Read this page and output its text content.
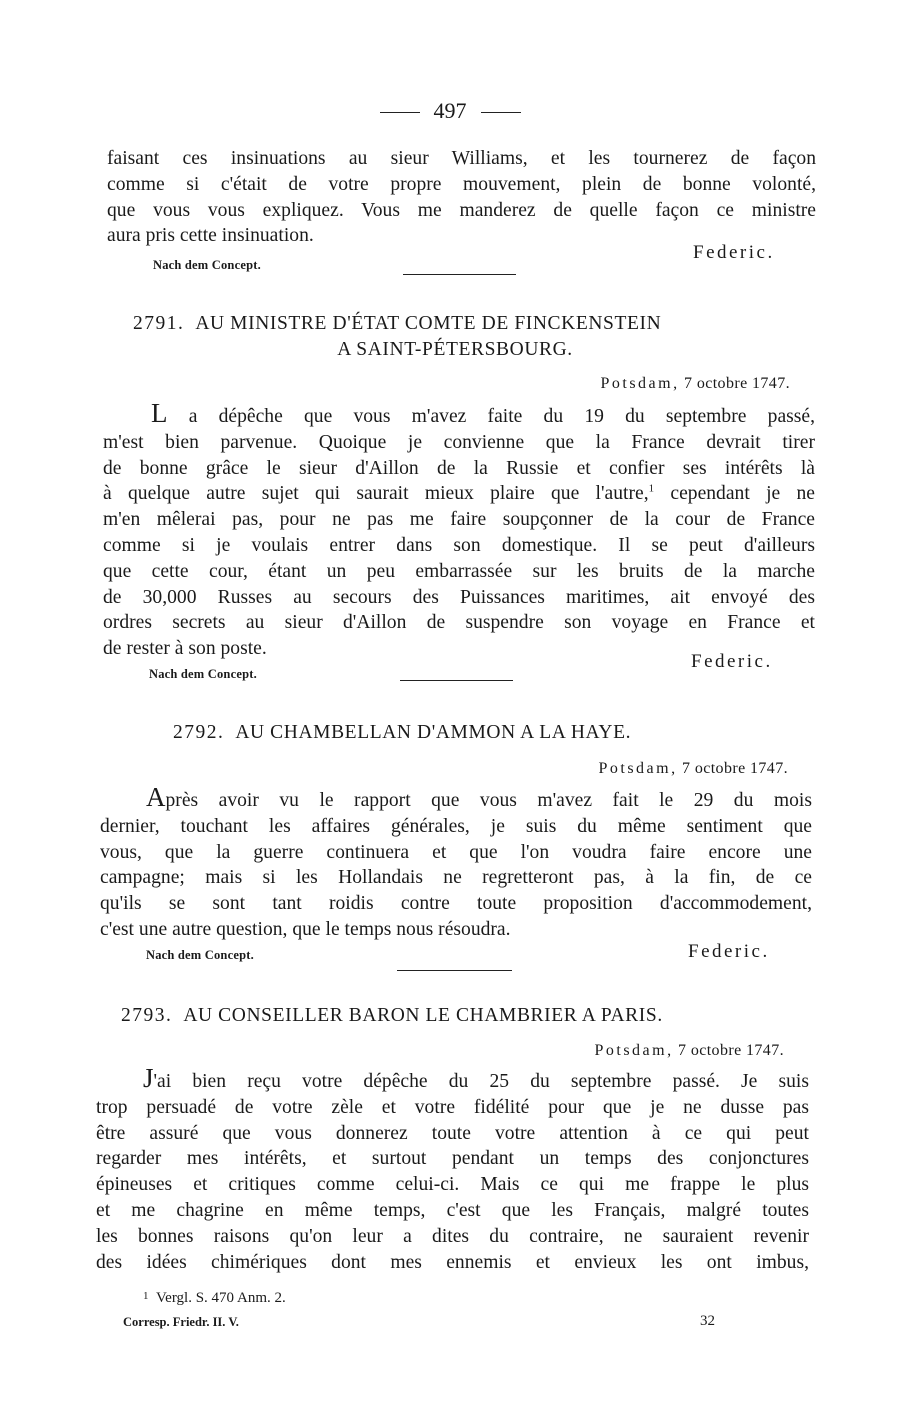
497
faisant ces insinuations au sieur Williams, et les tournerez de façon
comme si c'était de votre propre mouvement, plein de bonne volonté,
que vous vous expliquez. Vous me manderez de quelle façon ce ministre
aura pris cette insinuation.
Federic.
Nach dem Concept.
2791. AU MINISTRE D'ÉTAT COMTE DE FINCKENSTEIN
A SAINT-PÉTERSBOURG.
Potsdam, 7 octobre 1747.
L a dépêche que vous m'avez faite du 19 du septembre passé,
m'est bien parvenue. Quoique je convienne que la France devrait tirer
de bonne grâce le sieur d'Aillon de la Russie et confier ses intérêts là
à quelque autre sujet qui saurait mieux plaire que l'autre,$^1$ cependant je ne
m'en mêlerai pas, pour ne pas me faire soupçonner de la cour de France
comme si je voulais entrer dans son domestique. Il se peut d'ailleurs
que cette cour, étant un peu embarrassée sur les bruits de la marche
de 30,000 Russes au secours des Puissances maritimes, ait envoyé des
ordres secrets au sieur d'Aillon de suspendre son voyage en France et
de rester à son poste.
Federic.
Nach dem Concept.
2792. AU CHAMBELLAN D'AMMON A LA HAYE.
Potsdam, 7 octobre 1747.
Après avoir vu le rapport que vous m'avez fait le 29 du mois
dernier, touchant les affaires générales, je suis du même sentiment que
vous, que la guerre continuera et que l'on voudra faire encore une
campagne; mais si les Hollandais ne regretteront pas, à la fin, de ce
qu'ils se sont tant roidis contre toute proposition d'accommodement,
c'est une autre question, que le temps nous résoudra.
Federic.
Nach dem Concept.
2793. AU CONSEILLER BARON LE CHAMBRIER A PARIS.
Potsdam, 7 octobre 1747.
J'ai bien reçu votre dépêche du 25 du septembre passé. Je suis
trop persuadé de votre zèle et votre fidélité pour que je ne dusse pas
être assuré que vous donnerez toute votre attention à ce qui peut
regarder mes intérêts, et surtout pendant un temps des conjonctures
épineuses et critiques comme celui-ci. Mais ce qui me frappe le plus
et me chagrine en même temps, c'est que les Français, malgré toutes
les bonnes raisons qu'on leur a dites du contraire, ne sauraient revenir
des idées chimériques dont mes ennemis et envieux les ont imbus,
$^1$ Vergl. S. 470 Anm. 2.
Corresp. Friedr. II. V.	32
